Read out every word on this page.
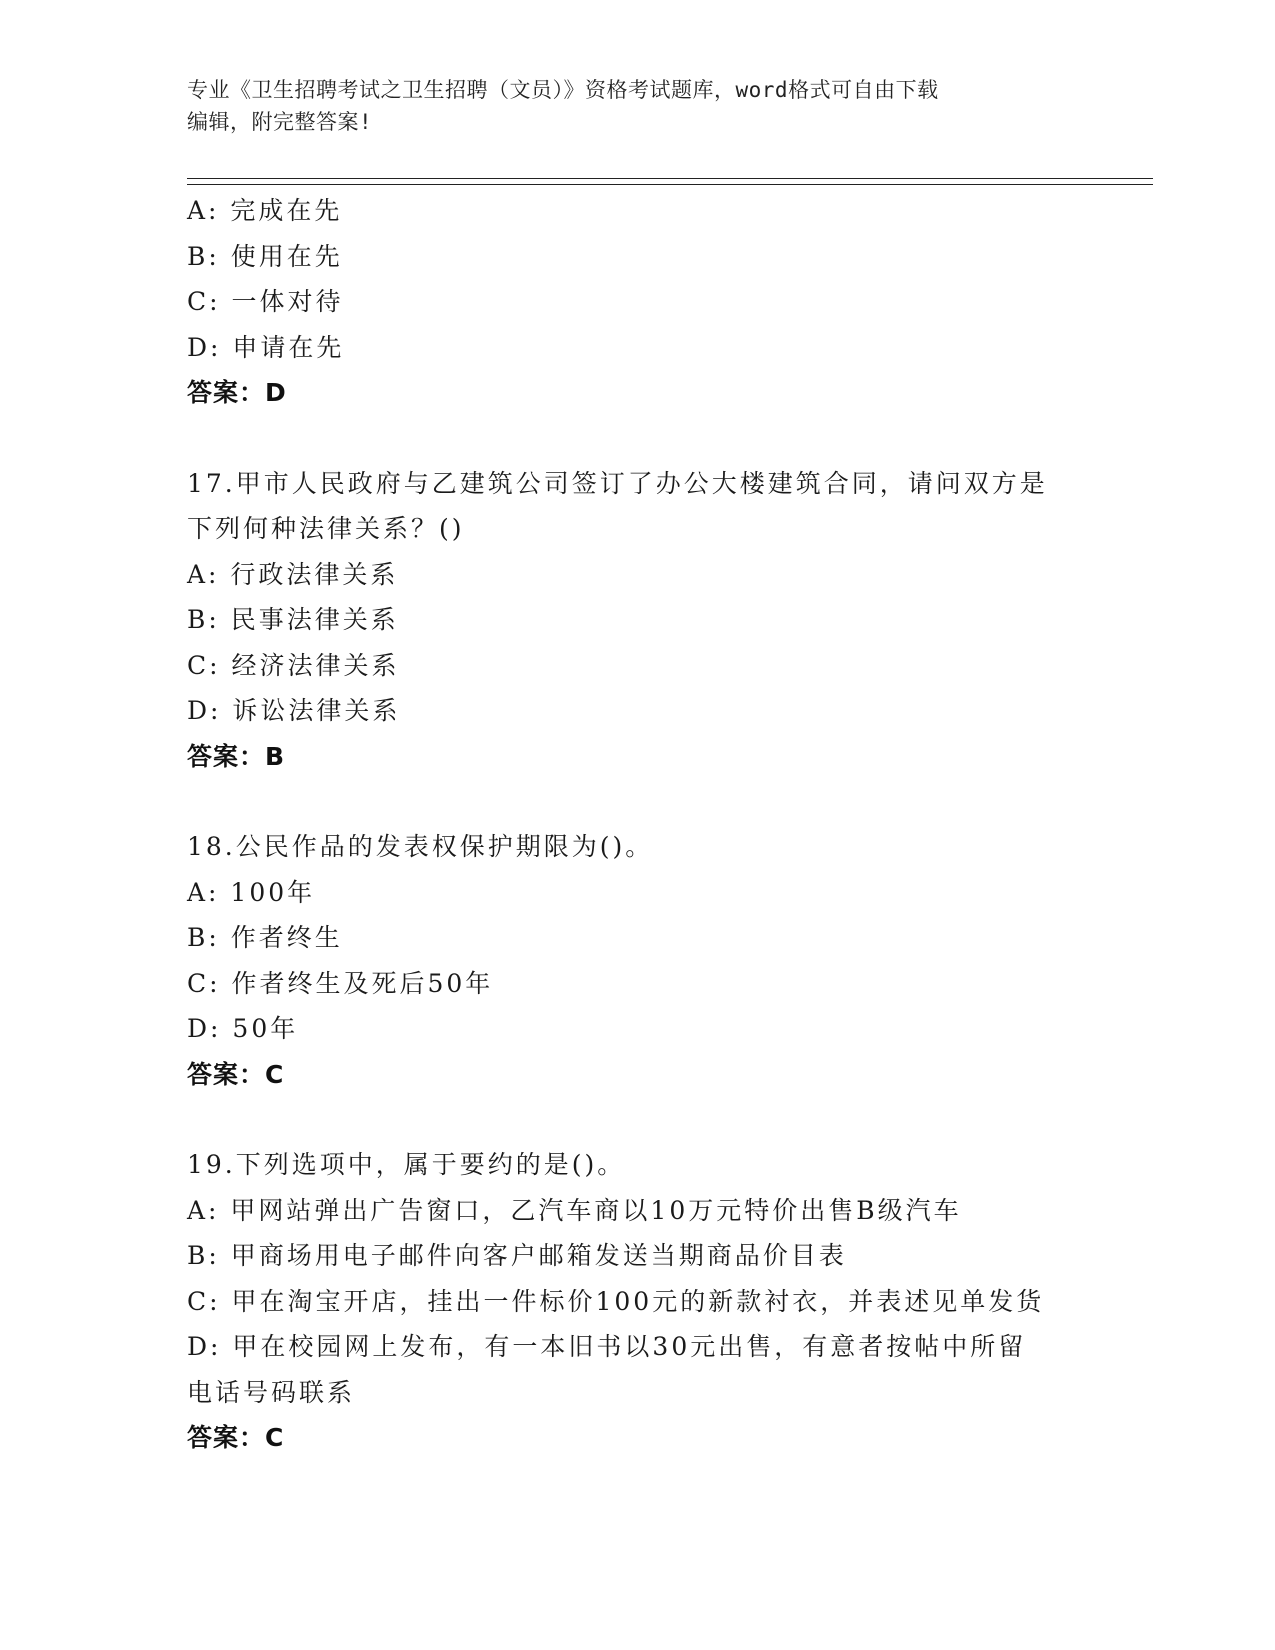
专业《卫生招聘考试之卫生招聘（文员）》资格考试题库，word格式可自由下载
编辑，附完整答案!
A: 完成在先
B: 使用在先
C: 一体对待
D: 申请在先
答案：D
17.甲市人民政府与乙建筑公司签订了办公大楼建筑合同，请问双方是
下列何种法律关系？()
A: 行政法律关系
B: 民事法律关系
C: 经济法律关系
D: 诉讼法律关系
答案：B
18.公民作品的发表权保护期限为()。
A: 100年
B: 作者终生
C: 作者终生及死后50年
D: 50年
答案：C
19.下列选项中，属于要约的是()。
A: 甲网站弹出广告窗口，乙汽车商以10万元特价出售B级汽车
B: 甲商场用电子邮件向客户邮箱发送当期商品价目表
C: 甲在淘宝开店，挂出一件标价100元的新款衬衣，并表述见单发货
D: 甲在校园网上发布，有一本旧书以30元出售，有意者按帖中所留
电话号码联系
答案：C
